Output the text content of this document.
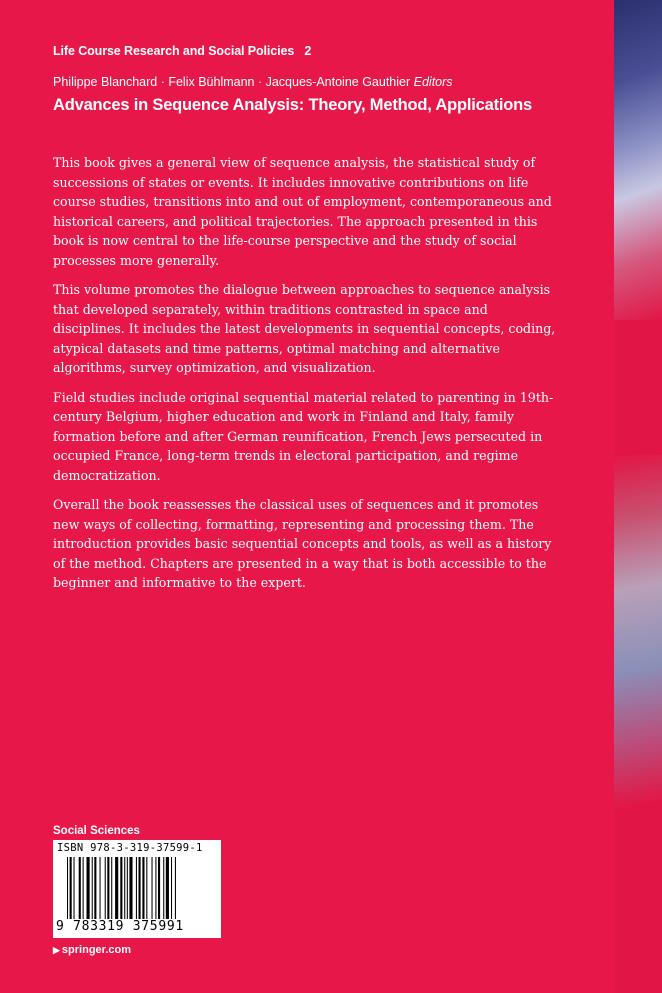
Life Course Research and Social Policies 2
Philippe Blanchard · Felix Bühlmann · Jacques-Antoine Gauthier Editors
Advances in Sequence Analysis: Theory, Method, Applications

This book gives a general view of sequence analysis, the statistical study of successions of states or events. It includes innovative contributions on life course studies, transitions into and out of employment, contemporaneous and historical careers, and political trajectories. The approach presented in this book is now central to the life-course perspective and the study of social processes more generally.

This volume promotes the dialogue between approaches to sequence analysis that developed separately, within traditions contrasted in space and disciplines. It includes the latest developments in sequential concepts, coding, atypical datasets and time patterns, optimal matching and alternative algorithms, survey optimization, and visualization.

Field studies include original sequential material related to parenting in 19th-century Belgium, higher education and work in Finland and Italy, family formation before and after German reunification, French Jews persecuted in occupied France, long-term trends in electoral participation, and regime democratization.

Overall the book reassesses the classical uses of sequences and it promotes new ways of collecting, formatting, representing and processing them. The introduction provides basic sequential concepts and tools, as well as a history of the method. Chapters are presented in a way that is both accessible to the beginner and informative to the expert.

Social Sciences
ISBN 978-3-319-37599-1
9 783319 375991
▶ springer.com
